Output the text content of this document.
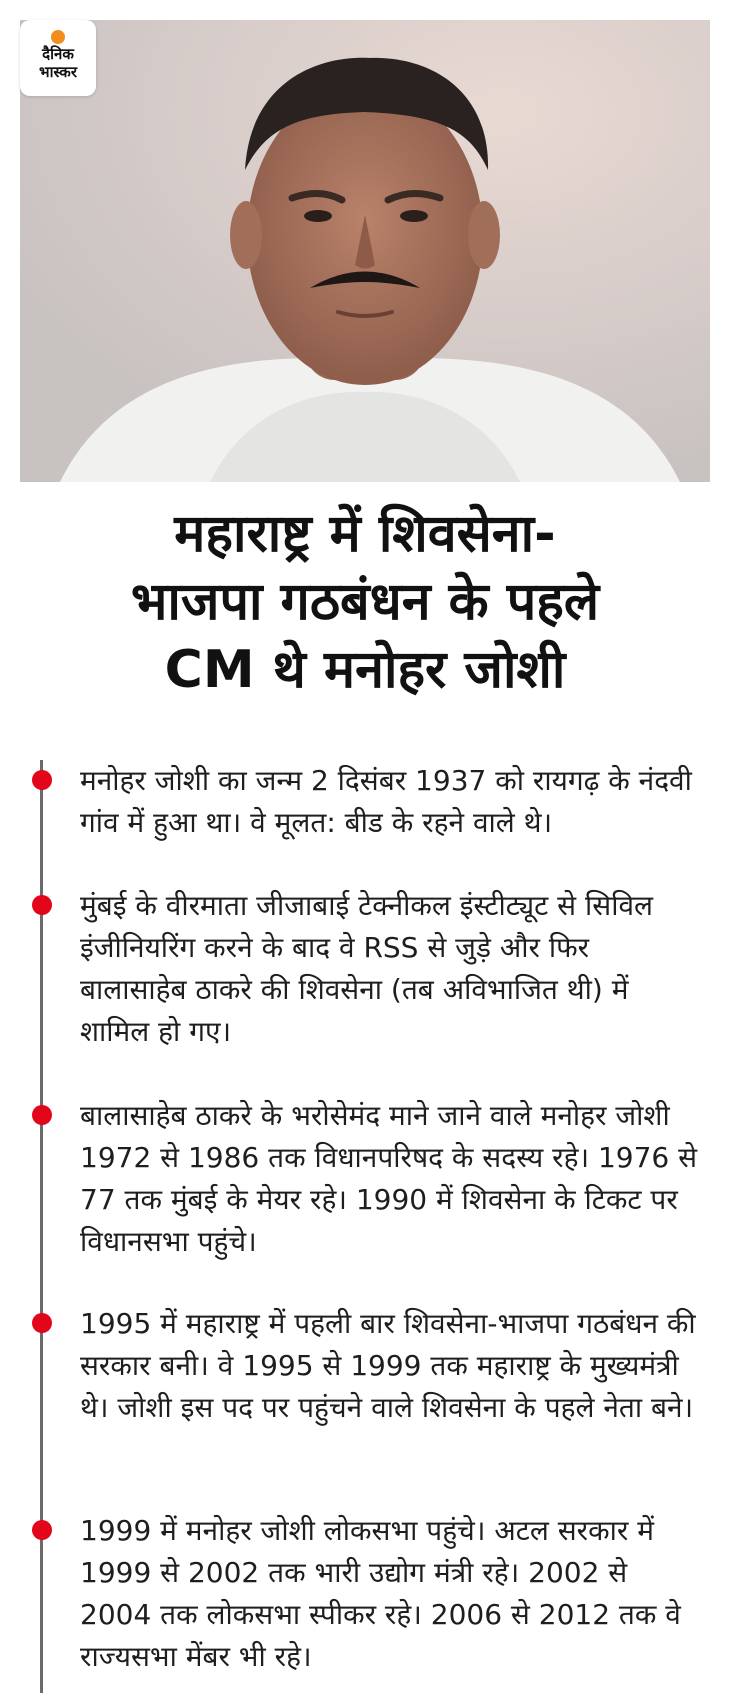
दैनिक
भास्कर
महाराष्ट्र में शिवसेना-
भाजपा गठबंधन के पहले
CM थे मनोहर जोशी
मनोहर जोशी का जन्म 2 दिसंबर 1937 को रायगढ़ के नंदवी गांव में हुआ था। वे मूलत: बीड के रहने वाले थे।
मुंबई के वीरमाता जीजाबाई टेक्नीकल इंस्टीट्यूट से सिविल इंजीनियरिंग करने के बाद वे RSS से जुड़े और फिर बालासाहेब ठाकरे की शिवसेना (तब अविभाजित थी) में शामिल हो गए।
बालासाहेब ठाकरे के भरोसेमंद माने जाने वाले मनोहर जोशी 1972 से 1986 तक विधानपरिषद के सदस्य रहे। 1976 से 77 तक मुंबई के मेयर रहे। 1990 में शिवसेना के टिकट पर विधानसभा पहुंचे।
1995 में महाराष्ट्र में पहली बार शिवसेना-भाजपा गठबंधन की सरकार बनी। वे 1995 से 1999 तक महाराष्ट्र के मुख्यमंत्री थे। जोशी इस पद पर पहुंचने वाले शिवसेना के पहले नेता बने।
1999 में मनोहर जोशी लोकसभा पहुंचे। अटल सरकार में 1999 से 2002 तक भारी उद्योग मंत्री रहे। 2002 से 2004 तक लोकसभा स्पीकर रहे। 2006 से 2012 तक वे राज्यसभा मेंबर भी रहे।
